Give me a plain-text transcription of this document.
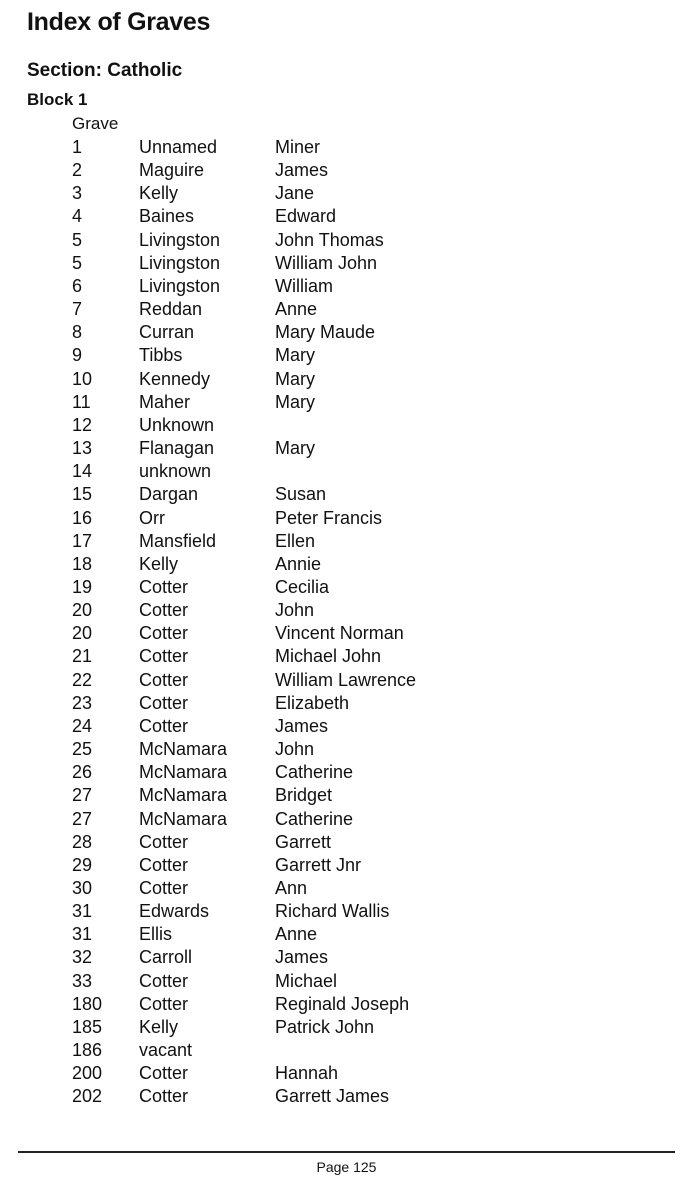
Index of Graves
Section: Catholic
Block 1
Grave
1	Unnamed	Miner
2	Maguire	James
3	Kelly	Jane
4	Baines	Edward
5	Livingston	John Thomas
5	Livingston	William John
6	Livingston	William
7	Reddan	Anne
8	Curran	Mary Maude
9	Tibbs	Mary
10	Kennedy	Mary
11	Maher	Mary
12	Unknown
13	Flanagan	Mary
14	unknown
15	Dargan	Susan
16	Orr	Peter Francis
17	Mansfield	Ellen
18	Kelly	Annie
19	Cotter	Cecilia
20	Cotter	John
20	Cotter	Vincent Norman
21	Cotter	Michael John
22	Cotter	William Lawrence
23	Cotter	Elizabeth
24	Cotter	James
25	McNamara	John
26	McNamara	Catherine
27	McNamara	Bridget
27	McNamara	Catherine
28	Cotter	Garrett
29	Cotter	Garrett Jnr
30	Cotter	Ann
31	Edwards	Richard Wallis
31	Ellis	Anne
32	Carroll	James
33	Cotter	Michael
180 Cotter	Reginald Joseph
185 Kelly	Patrick John
186 vacant
200 Cotter	Hannah
202 Cotter	Garrett James
Page 125
